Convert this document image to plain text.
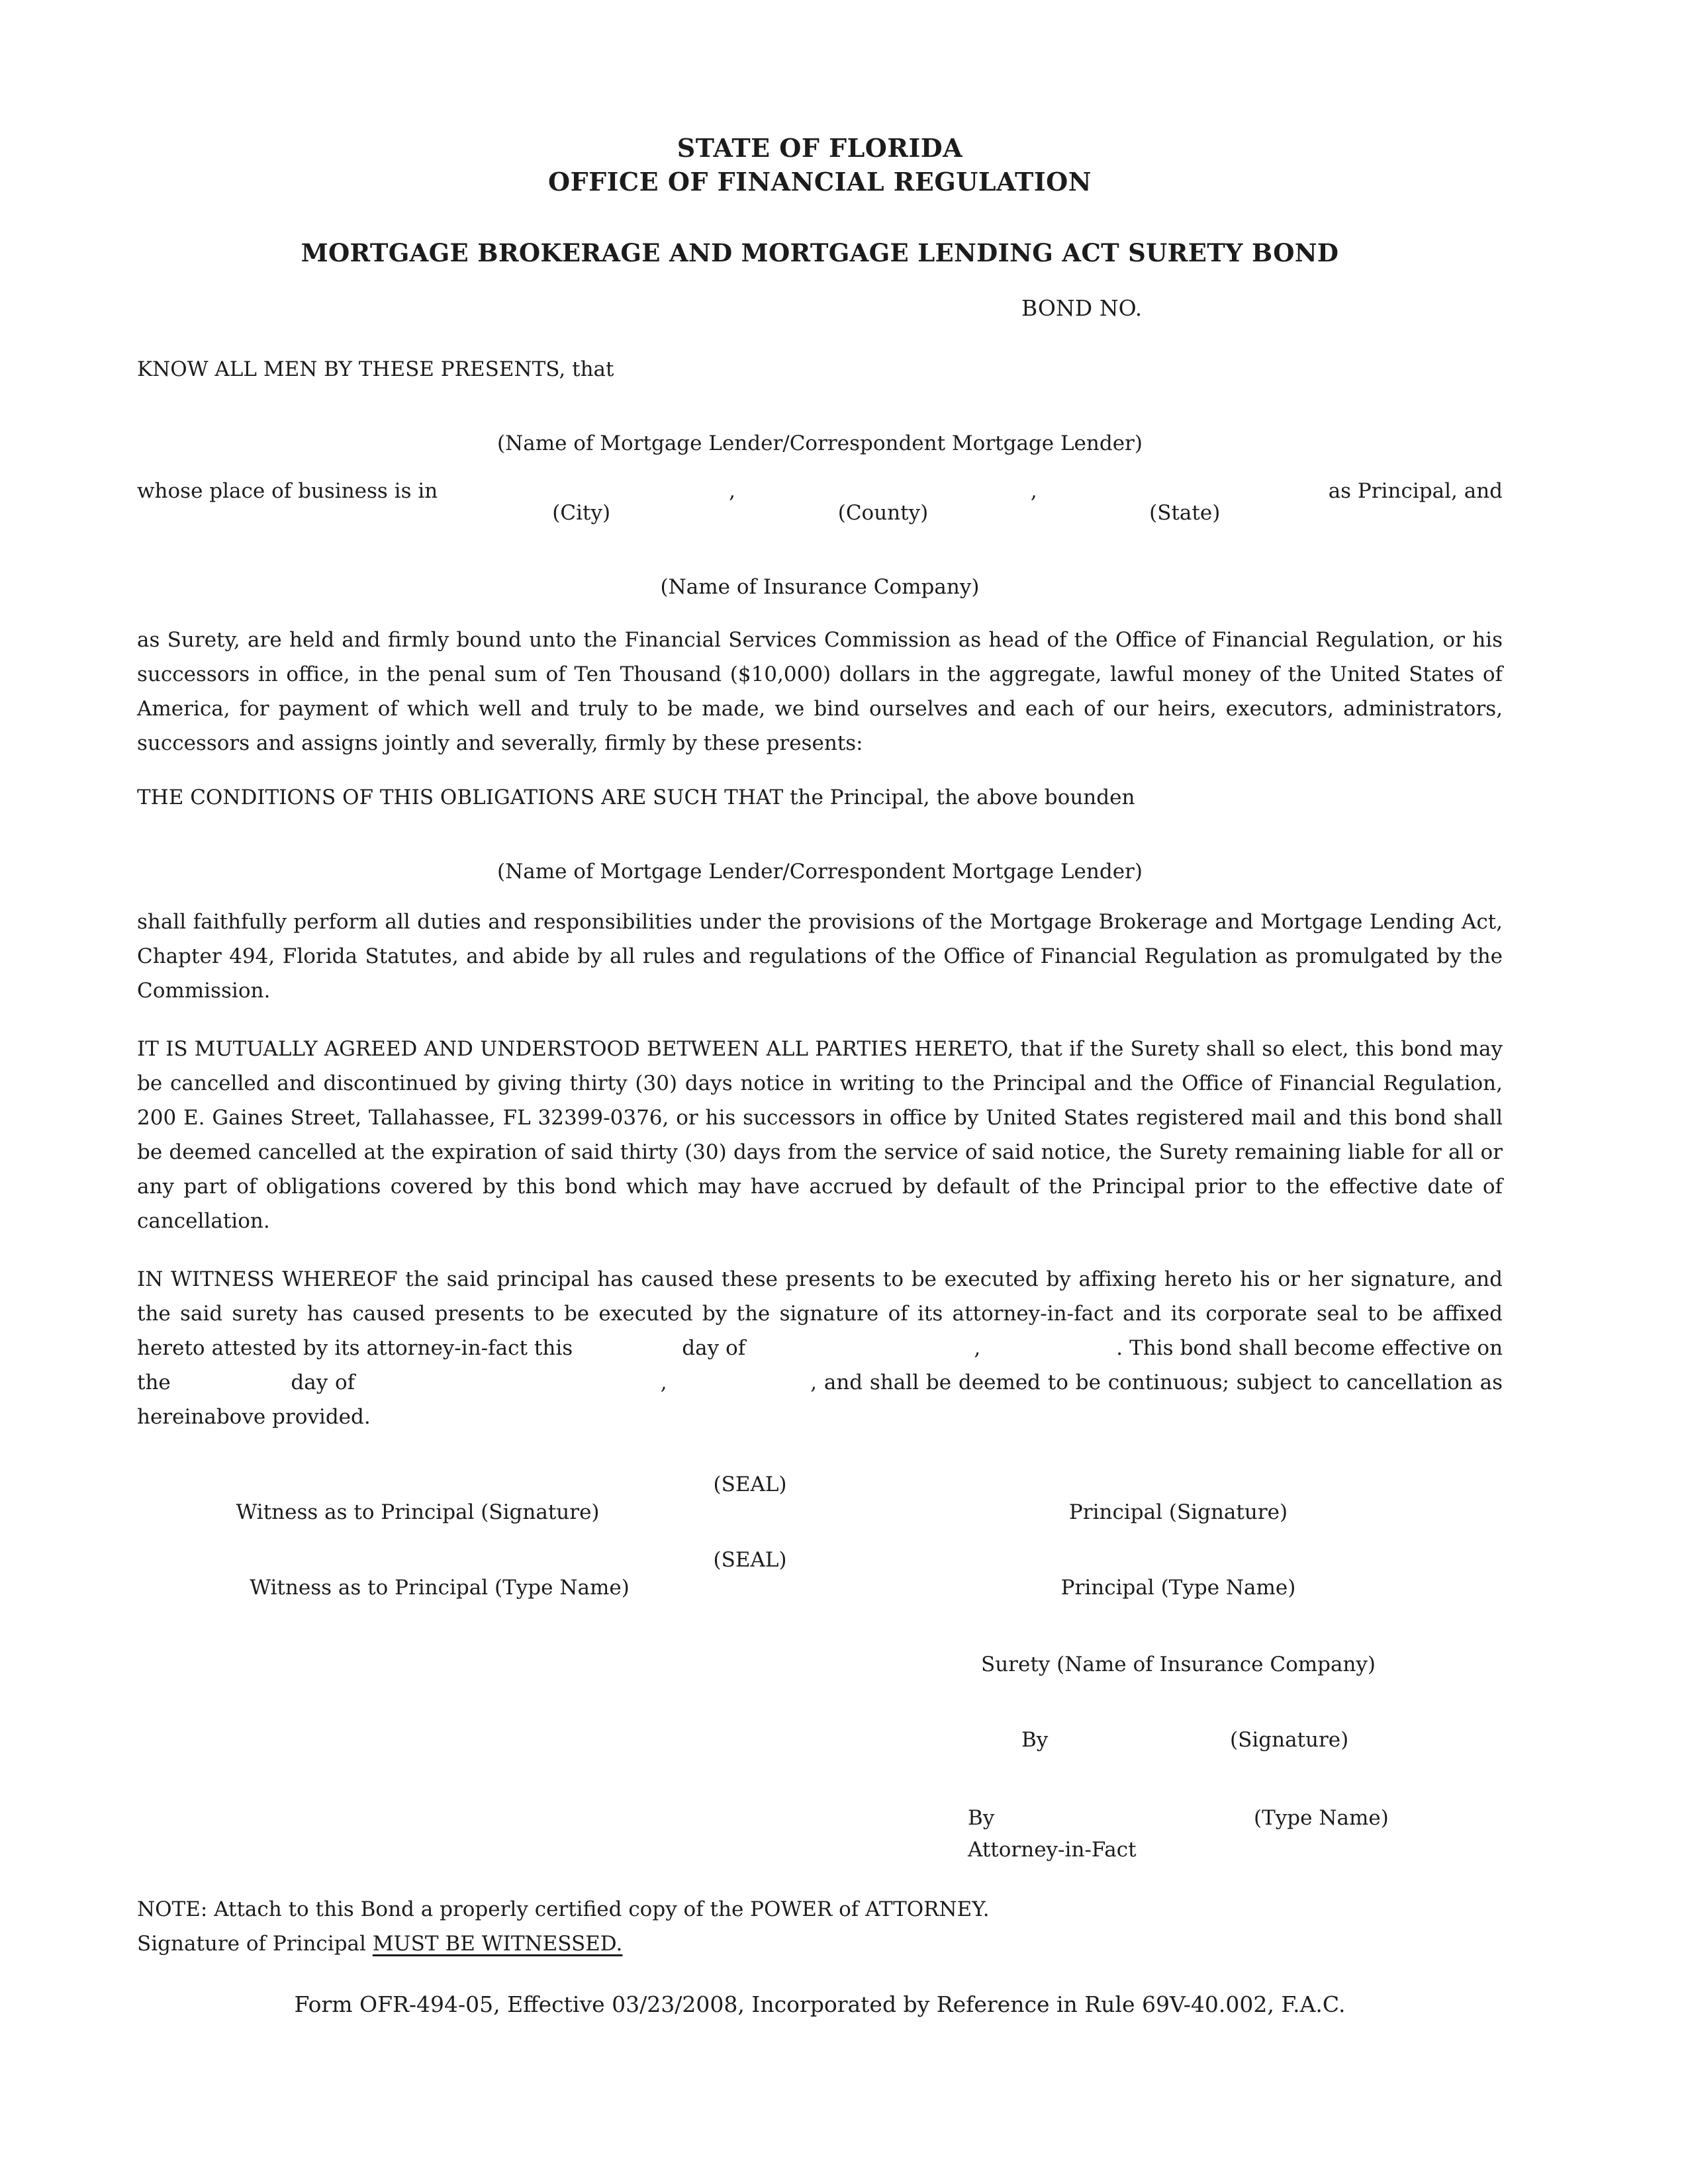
STATE OF FLORIDA
OFFICE OF FINANCIAL REGULATION
MORTGAGE BROKERAGE AND MORTGAGE LENDING ACT SURETY BOND
BOND NO.
KNOW ALL MEN BY THESE PRESENTS, that
(Name of Mortgage Lender/Correspondent Mortgage Lender)
whose place of business is in
(City)
,
(County)
,
(State)
as Principal, and
(Name of Insurance Company)

as Surety, are held and firmly bound unto the Financial Services Commission as head of the Office of Financial Regulation, or his successors in office, in the penal sum of Ten Thousand ($10,000) dollars in the aggregate, lawful money of the United States of America, for payment of which well and truly to be made, we bind ourselves and each of our heirs, executors, administrators, successors and assigns jointly and severally, firmly by these presents:

THE CONDITIONS OF THIS OBLIGATIONS ARE SUCH THAT the Principal, the above bounden
(Name of Mortgage Lender/Correspondent Mortgage Lender)

shall faithfully perform all duties and responsibilities under the provisions of the Mortgage Brokerage and Mortgage Lending Act, Chapter 494, Florida Statutes, and abide by all rules and regulations of the Office of Financial Regulation as promulgated by the Commission.

IT IS MUTUALLY AGREED AND UNDERSTOOD BETWEEN ALL PARTIES HERETO, that if the Surety shall so elect, this bond may be cancelled and discontinued by giving thirty (30) days notice in writing to the Principal and the Office of Financial Regulation, 200 E. Gaines Street, Tallahassee, FL 32399-0376, or his successors in office by United States registered mail and this bond shall be deemed cancelled at the expiration of said thirty (30) days from the service of said notice, the Surety remaining liable for all or any part of obligations covered by this bond which may have accrued by default of the Principal prior to the effective date of cancellation.

IN WITNESS WHEREOF the said principal has caused these presents to be executed by affixing hereto his or her signature, and the said surety has caused presents to be executed by the signature of its attorney-in-fact and its corporate seal to be affixed hereto attested by its attorney-in-fact this	day of	,	. This bond shall become effective on the	day of	,	, and shall be deemed to be continuous; subject to cancellation as hereinabove provided.

(SEAL)
Witness as to Principal (Signature)	Principal (Signature)
(SEAL)
Witness as to Principal (Type Name)	Principal (Type Name)
Surety (Name of Insurance Company)
By	(Signature)
By	(Type Name)
Attorney-in-Fact
NOTE: Attach to this Bond a properly certified copy of the POWER of ATTORNEY.
Signature of Principal MUST BE WITNESSED.
Form OFR-494-05, Effective 03/23/2008, Incorporated by Reference in Rule 69V-40.002, F.A.C.
